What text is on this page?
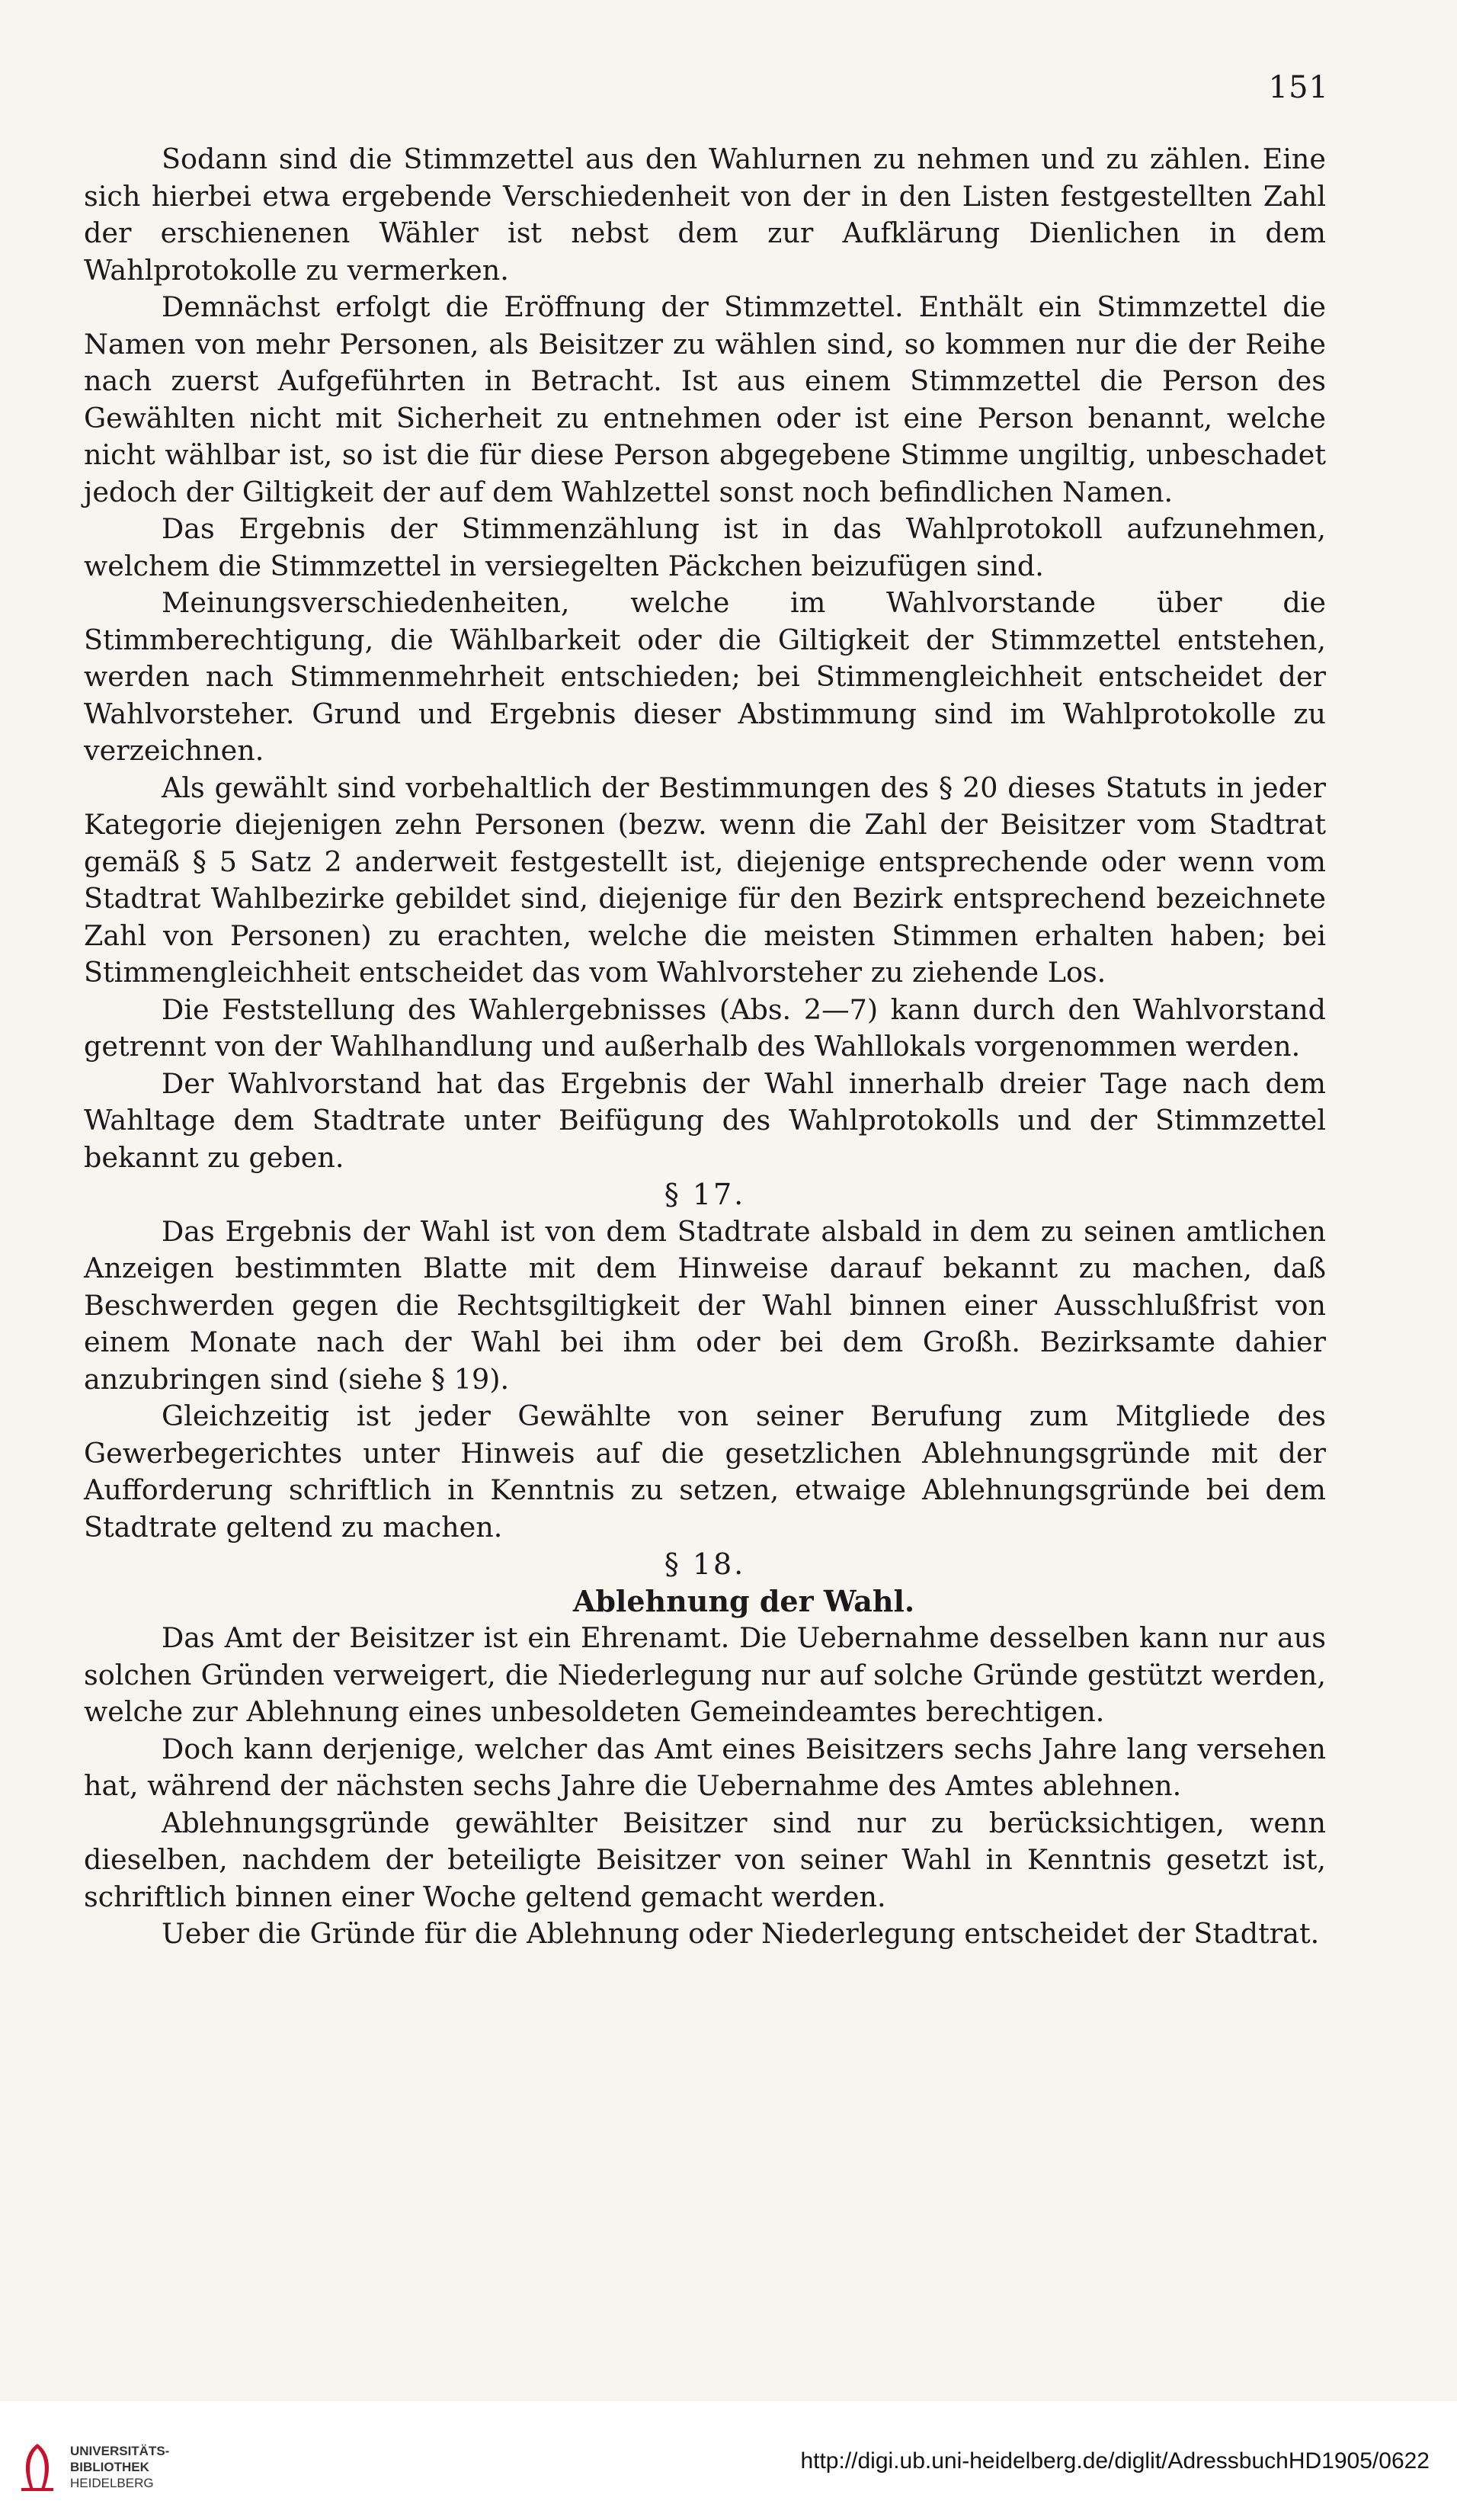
151

Sodann sind die Stimmzettel aus den Wahlurnen zu nehmen und zu zählen. Eine sich hierbei etwa ergebende Verschiedenheit von der in den Listen festgestellten Zahl der erschienenen Wähler ist nebst dem zur Aufklärung Dienlichen in dem Wahlprotokolle zu vermerken.

Demnächst erfolgt die Eröffnung der Stimmzettel. Enthält ein Stimmzettel die Namen von mehr Personen, als Beisitzer zu wählen sind, so kommen nur die der Reihe nach zuerst Aufgeführten in Betracht. Ist aus einem Stimmzettel die Person des Gewählten nicht mit Sicherheit zu entnehmen oder ist eine Person benannt, welche nicht wählbar ist, so ist die für diese Person abgegebene Stimme ungiltig, unbeschadet jedoch der Giltigkeit der auf dem Wahlzettel sonst noch befindlichen Namen.

Das Ergebnis der Stimmenzählung ist in das Wahlprotokoll aufzunehmen, welchem die Stimmzettel in versiegelten Päckchen beizufügen sind.

Meinungsverschiedenheiten, welche im Wahlvorstande über die Stimmberechtigung, die Wählbarkeit oder die Giltigkeit der Stimmzettel entstehen, werden nach Stimmenmehrheit entschieden; bei Stimmengleichheit entscheidet der Wahlvorsteher. Grund und Ergebnis dieser Abstimmung sind im Wahlprotokolle zu verzeichnen.

Als gewählt sind vorbehaltlich der Bestimmungen des § 20 dieses Statuts in jeder Kategorie diejenigen zehn Personen (bezw. wenn die Zahl der Beisitzer vom Stadtrat gemäß § 5 Satz 2 anderweit festgestellt ist, diejenige entsprechende oder wenn vom Stadtrat Wahlbezirke gebildet sind, diejenige für den Bezirk entsprechend bezeichnete Zahl von Personen) zu erachten, welche die meisten Stimmen erhalten haben; bei Stimmengleichheit entscheidet das vom Wahlvorsteher zu ziehende Los.

Die Feststellung des Wahlergebnisses (Abs. 2—7) kann durch den Wahlvorstand getrennt von der Wahlhandlung und außerhalb des Wahllokals vorgenommen werden.

Der Wahlvorstand hat das Ergebnis der Wahl innerhalb dreier Tage nach dem Wahltage dem Stadtrate unter Beifügung des Wahlprotokolls und der Stimmzettel bekannt zu geben.

§ 17.

Das Ergebnis der Wahl ist von dem Stadtrate alsbald in dem zu seinen amtlichen Anzeigen bestimmten Blatte mit dem Hinweise darauf bekannt zu machen, daß Beschwerden gegen die Rechtsgiltigkeit der Wahl binnen einer Ausschlußfrist von einem Monate nach der Wahl bei ihm oder bei dem Großh. Bezirksamte dahier anzubringen sind (siehe § 19).

Gleichzeitig ist jeder Gewählte von seiner Berufung zum Mitgliede des Gewerbegerichtes unter Hinweis auf die gesetzlichen Ablehnungsgründe mit der Aufforderung schriftlich in Kenntnis zu setzen, etwaige Ablehnungsgründe bei dem Stadtrate geltend zu machen.

§ 18.

Ablehnung der Wahl.

Das Amt der Beisitzer ist ein Ehrenamt. Die Uebernahme desselben kann nur aus solchen Gründen verweigert, die Niederlegung nur auf solche Gründe gestützt werden, welche zur Ablehnung eines unbesoldeten Gemeindeamtes berechtigen.

Doch kann derjenige, welcher das Amt eines Beisitzers sechs Jahre lang versehen hat, während der nächsten sechs Jahre die Uebernahme des Amtes ablehnen.

Ablehnungsgründe gewählter Beisitzer sind nur zu berücksichtigen, wenn dieselben, nachdem der beteiligte Beisitzer von seiner Wahl in Kenntnis gesetzt ist, schriftlich binnen einer Woche geltend gemacht werden.

Ueber die Gründe für die Ablehnung oder Niederlegung entscheidet der Stadtrat.

UNIVERSITÄTS-
BIBLIOTHEK
HEIDELBERG
http://digi.ub.uni-heidelberg.de/diglit/AdressbuchHD1905/0622
